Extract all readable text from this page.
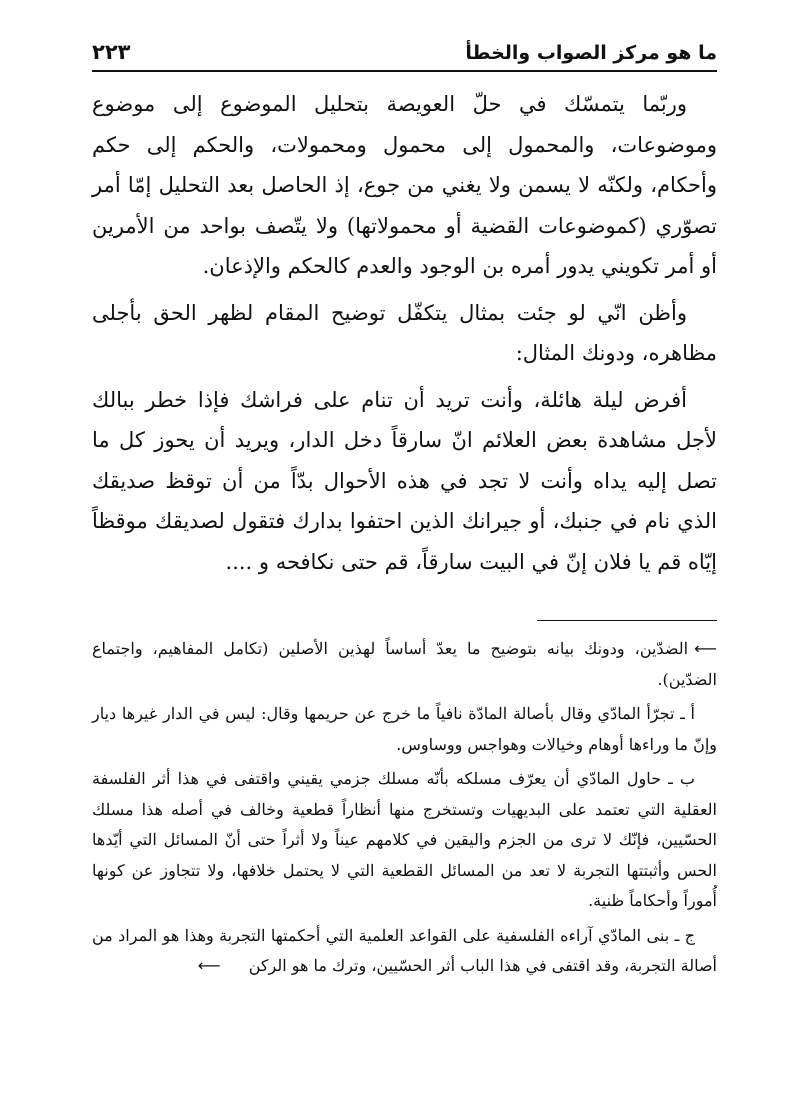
٢٢٣	ما هو مركز الصواب والخطأ

وربّما يتمسّك في حلّ العويصة بتحليل الموضوع إلى موضوع وموضوعات، والمحمول إلى محمول ومحمولات، والحكم إلى حكم وأحكام، ولكنّه لا يسمن ولا يغني من جوع، إذ الحاصل بعد التحليل إمّا أمر تصوّري (كموضوعات القضية أو محمولاتها) ولا يتّصف بواحد من الأمرين أو أمر تكويني يدور أمره بن الوجود والعدم كالحكم والإذعان.

وأظن انّي لو جئت بمثال يتكفّل توضيح المقام لظهر الحق بأجلى مظاهره، ودونك المثال:

أفرض ليلة هائلة، وأنت تريد أن تنام على فراشك فإذا خطر ببالك لأجل مشاهدة بعض العلائم انّ سارقاً دخل الدار، ويريد أن يحوز كل ما تصل إليه يداه وأنت لا تجد في هذه الأحوال بدّاً من أن توقظ صديقك الذي نام في جنبك، أو جيرانك الذين احتفوا بدارك فتقول لصديقك موقظاً إيّاه قم يا فلان إنّ في البيت سارقاً، قم حتى نكافحه و ....

⟵الضدّين، ودونك بيانه بتوضيح ما يعدّ أساساً لهذين الأصلين (تكامل المفاهيم، واجتماع الضدّين).

أ ـ تجرّأ المادّي وقال بأصالة المادّة نافياً ما خرج عن حريمها وقال: ليس في الدار غيرها ديار وإنّ ما وراءها أوهام وخيالات وهواجس ووساوس.

ب ـ حاول المادّي أن يعرّف مسلكه بأنّه مسلك جزمي يقيني واقتفى في هذا أثر الفلسفة العقلية التي تعتمد على البديهيات وتستخرج منها أنظاراً قطعية وخالف في أصله هذا مسلك الحسّيين، فإنّك لا ترى من الجزم واليقين في كلامهم عيناً ولا أثراً حتى أنّ المسائل التي أيّدها الحس وأثبتتها التجربة لا تعد من المسائل القطعية التي لا يحتمل خلافها، ولا تتجاوز عن كونها أُموراً وأحكاماً ظنية.

ج ـ بنى المادّي آراءه الفلسفية على القواعد العلمية التي أحكمتها التجربة وهذا هو المراد من أصالة التجربة، وقد اقتفى في هذا الباب أثر الحسّيين، وترك ما هو الركن⟵
